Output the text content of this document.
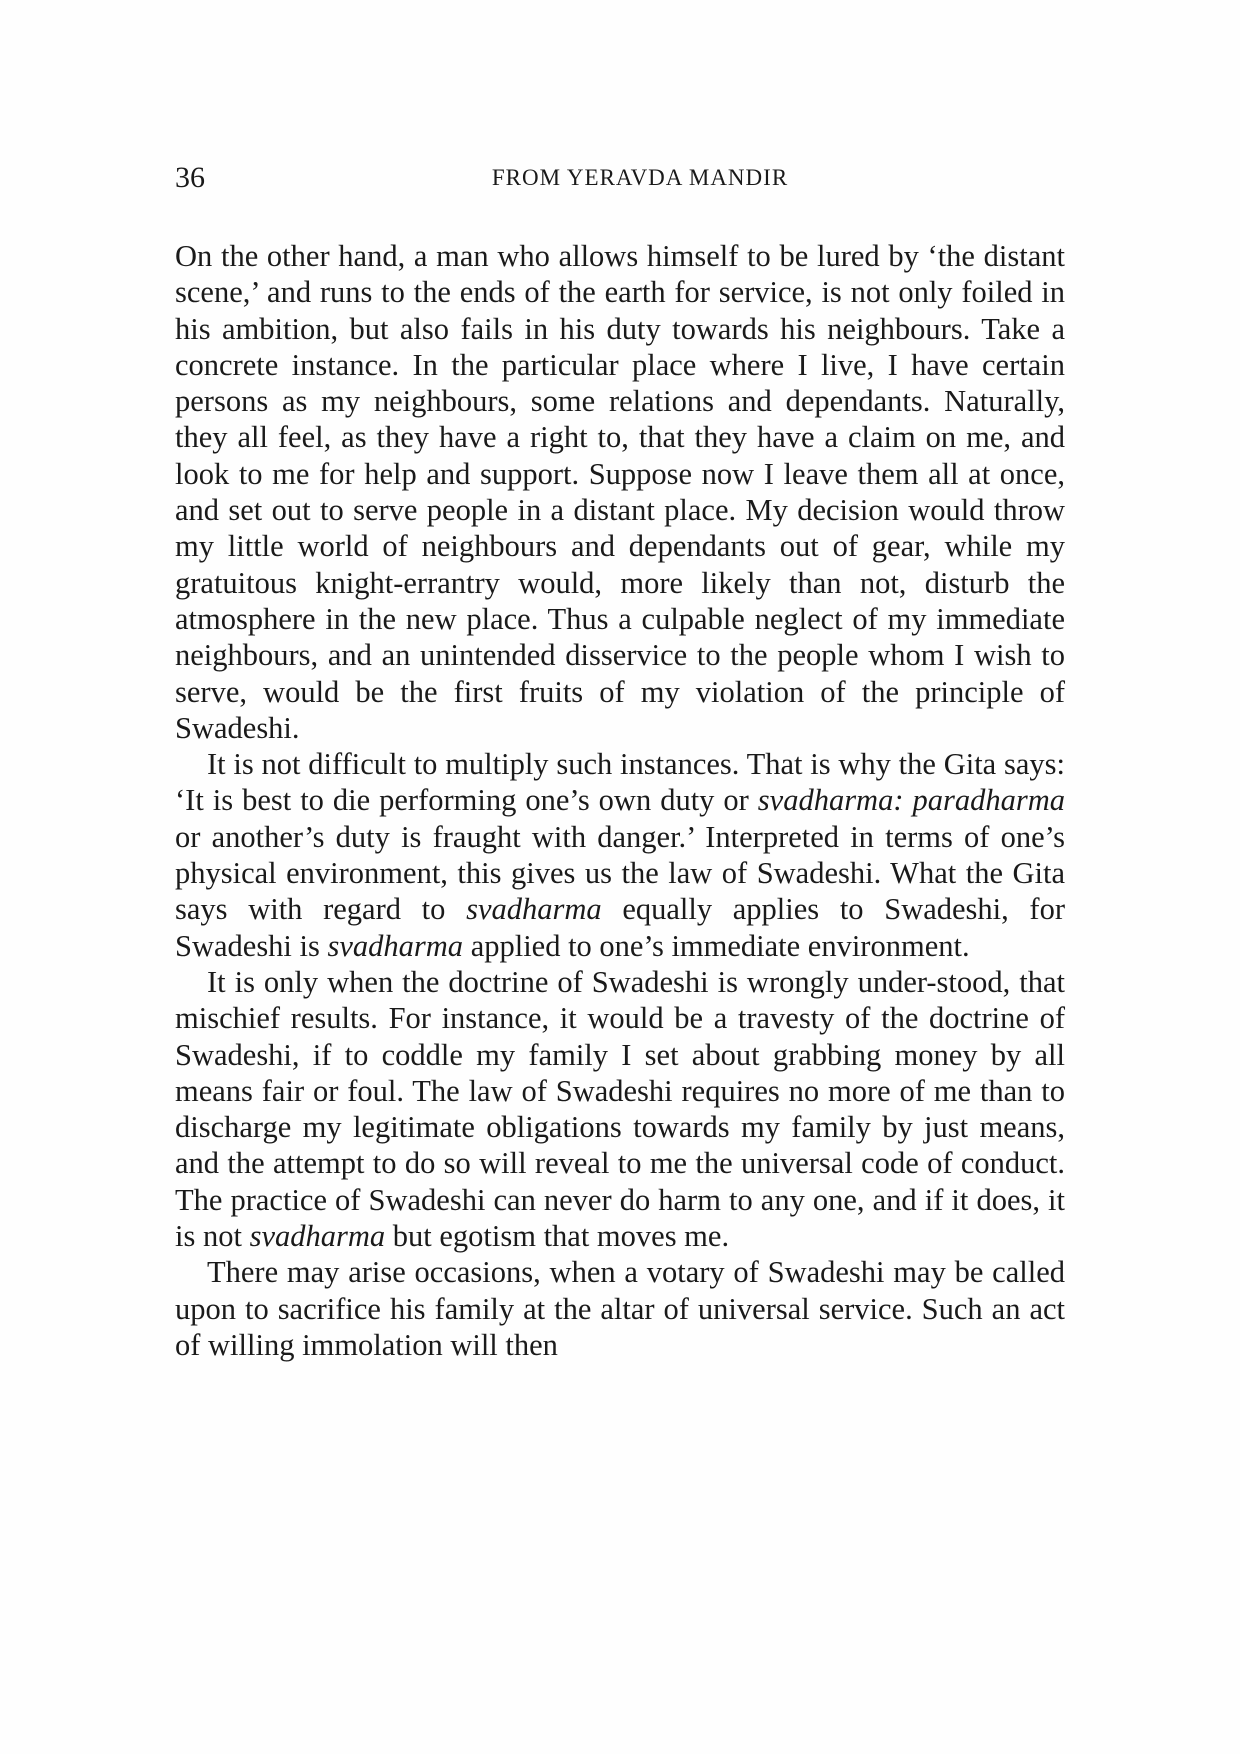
36	FROM YERAVDA MANDIR

On the other hand, a man who allows himself to be lured by ‘the distant scene,’ and runs to the ends of the earth for service, is not only foiled in his ambition, but also fails in his duty towards his neighbours. Take a concrete instance. In the particular place where I live, I have certain persons as my neighbours, some relations and dependants. Naturally, they all feel, as they have a right to, that they have a claim on me, and look to me for help and support. Suppose now I leave them all at once, and set out to serve people in a distant place. My decision would throw my little world of neighbours and dependants out of gear, while my gratuitous knight-errantry would, more likely than not, disturb the atmosphere in the new place. Thus a culpable neglect of my immediate neighbours, and an unintended disservice to the people whom I wish to serve, would be the first fruits of my violation of the principle of Swadeshi.

It is not difficult to multiply such instances. That is why the Gita says: ‘It is best to die performing one’s own duty or svadharma: paradharma or another’s duty is fraught with danger.’ Interpreted in terms of one’s physical environment, this gives us the law of Swadeshi. What the Gita says with regard to svadharma equally applies to Swadeshi, for Swadeshi is svadharma applied to one’s immediate environment.

It is only when the doctrine of Swadeshi is wrongly under-stood, that mischief results. For instance, it would be a travesty of the doctrine of Swadeshi, if to coddle my family I set about grabbing money by all means fair or foul. The law of Swadeshi requires no more of me than to discharge my legitimate obligations towards my family by just means, and the attempt to do so will reveal to me the universal code of conduct. The practice of Swadeshi can never do harm to any one, and if it does, it is not svadharma but egotism that moves me.

There may arise occasions, when a votary of Swadeshi may be called upon to sacrifice his family at the altar of universal service. Such an act of willing immolation will then
